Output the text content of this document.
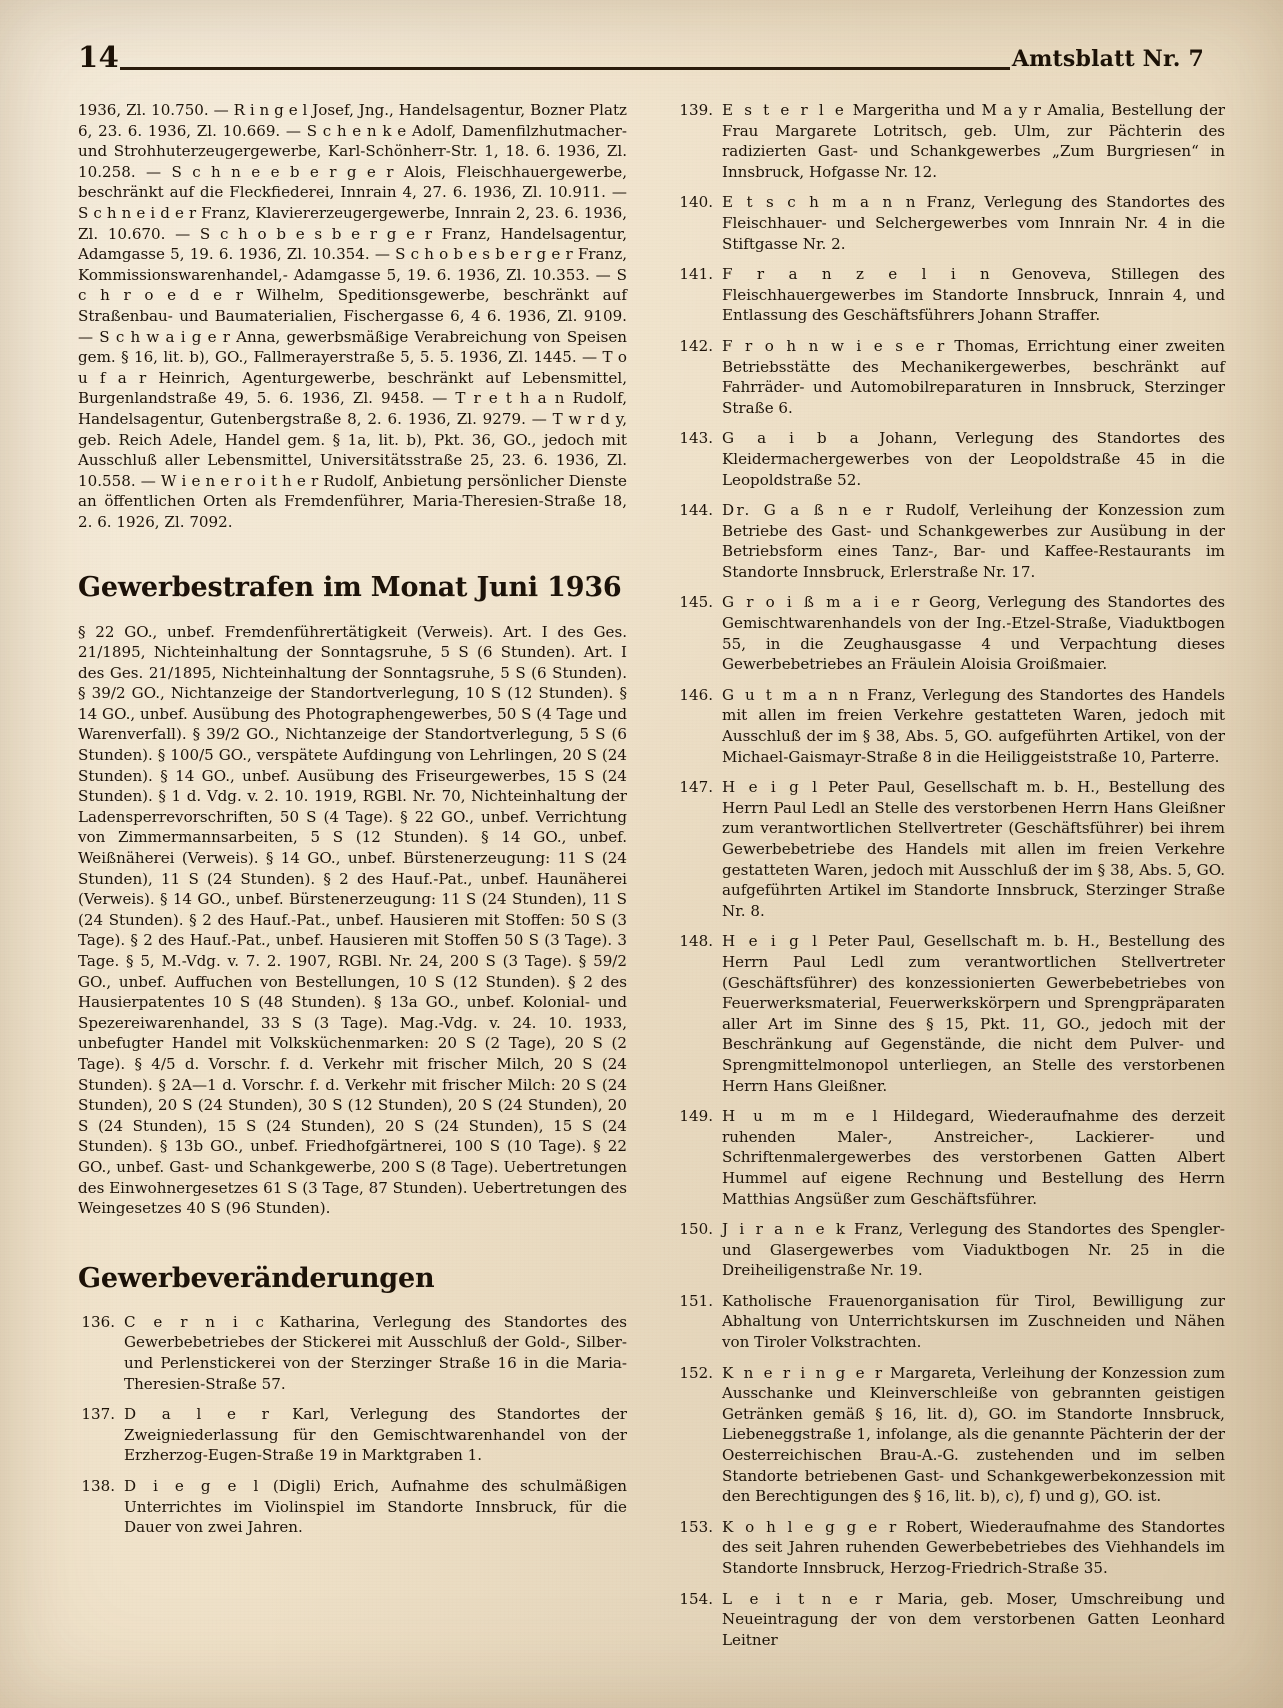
14	Amtsblatt Nr. 7

1936, Zl. 10.750. — R i n g e l Josef, Jng., Handelsagentur, Bozner Platz 6, 23. 6. 1936, Zl. 10.669. — S c h e n k e Adolf, Damenfilzhutmacher- und Strohhuterzeugergewerbe, Karl-Schönherr-Str. 1, 18. 6. 1936, Zl. 10.258. — S c h n e e b e r g e r Alois, Fleischhauergewerbe, beschränkt auf die Fleckfiederei, Innrain 4, 27. 6. 1936, Zl. 10.911. — S c h n e i d e r Franz, Klaviererzeugergewerbe, Innrain 2, 23. 6. 1936, Zl. 10.670. — S c h o b e s b e r g e r Franz, Handelsagentur, Adamgasse 5, 19. 6. 1936, Zl. 10.354. — S c h o b e s b e r g e r Franz, Kommissionswarenhandel,- Adamgasse 5, 19. 6. 1936, Zl. 10.353. — S c h r o e d e r Wilhelm, Speditionsgewerbe, beschränkt auf Straßenbau- und Baumaterialien, Fischergasse 6, 4 6. 1936, Zl. 9109. — S c h w a i g e r Anna, gewerbsmäßige Verabreichung von Speisen gem. § 16, lit. b), GO., Fallmerayerstraße 5, 5. 5. 1936, Zl. 1445. — T o u f a r Heinrich, Agenturgewerbe, beschränkt auf Lebensmittel, Burgenlandstraße 49, 5. 6. 1936, Zl. 9458. — T r e t h a n Rudolf, Handelsagentur, Gutenbergstraße 8, 2. 6. 1936, Zl. 9279. — T w r d y, geb. Reich Adele, Handel gem. § 1a, lit. b), Pkt. 36, GO., jedoch mit Ausschluß aller Lebensmittel, Universitätsstraße 25, 23. 6. 1936, Zl. 10.558. — W i e n e r o i t h e r Rudolf, Anbietung persönlicher Dienste an öffentlichen Orten als Fremdenführer, Maria-Theresien-Straße 18, 2. 6. 1926, Zl. 7092.

Gewerbestrafen im Monat Juni 1936

§ 22 GO., unbef. Fremdenführertätigkeit (Verweis). Art. I des Ges. 21/1895, Nichteinhaltung der Sonntagsruhe, 5 S (6 Stunden). Art. I des Ges. 21/1895, Nichteinhaltung der Sonntagsruhe, 5 S (6 Stunden). § 39/2 GO., Nichtanzeige der Standortverlegung, 10 S (12 Stunden). § 14 GO., unbef. Ausübung des Photographengewerbes, 50 S (4 Tage und Warenverfall). § 39/2 GO., Nichtanzeige der Standortverlegung, 5 S (6 Stunden). § 100/5 GO., verspätete Aufdingung von Lehrlingen, 20 S (24 Stunden). § 14 GO., unbef. Ausübung des Friseurgewerbes, 15 S (24 Stunden). § 1 d. Vdg. v. 2. 10. 1919, RGBl. Nr. 70, Nichteinhaltung der Ladensperrevorschriften, 50 S (4 Tage). § 22 GO., unbef. Verrichtung von Zimmermannsarbeiten, 5 S (12 Stunden). § 14 GO., unbef. Weißnäherei (Verweis). § 14 GO., unbef. Bürstenerzeugung: 11 S (24 Stunden), 11 S (24 Stunden). § 2 des Hauf.-Pat., unbef. Haunäherei (Verweis). § 14 GO., unbef. Bürstenerzeugung: 11 S (24 Stunden), 11 S (24 Stunden). § 2 des Hauf.-Pat., unbef. Hausieren mit Stoffen: 50 S (3 Tage). § 2 des Hauf.-Pat., unbef. Hausieren mit Stoffen 50 S (3 Tage). 3 Tage. § 5, M.-Vdg. v. 7. 2. 1907, RGBl. Nr. 24, 200 S (3 Tage). § 59/2 GO., unbef. Auffuchen von Bestellungen, 10 S (12 Stunden). § 2 des Hausierpatentes 10 S (48 Stunden). § 13a GO., unbef. Kolonial- und Spezereiwarenhandel, 33 S (3 Tage). Mag.-Vdg. v. 24. 10. 1933, unbefugter Handel mit Volksküchenmarken: 20 S (2 Tage), 20 S (2 Tage). § 4/5 d. Vorschr. f. d. Verkehr mit frischer Milch, 20 S (24 Stunden). § 2A—1 d. Vorschr. f. d. Verkehr mit frischer Milch: 20 S (24 Stunden), 20 S (24 Stunden), 30 S (12 Stunden), 20 S (24 Stunden), 20 S (24 Stunden), 15 S (24 Stunden), 20 S (24 Stunden), 15 S (24 Stunden). § 13b GO., unbef. Friedhofgärtnerei, 100 S (10 Tage). § 22 GO., unbef. Gast- und Schankgewerbe, 200 S (8 Tage). Uebertretungen des Einwohnergesetzes 61 S (3 Tage, 87 Stunden). Uebertretungen des Weingesetzes 40 S (96 Stunden).

Gewerbeveränderungen
136. C e r n i c Katharina, Verlegung des Standortes des Gewerbebetriebes der Stickerei mit Ausschluß der Gold-, Silber- und Perlenstickerei von der Sterzinger Straße 16 in die Maria-Theresien-Straße 57.
137. D a l e r Karl, Verlegung des Standortes der Zweigniederlassung für den Gemischtwarenhandel von der Erzherzog-Eugen-Straße 19 in Marktgraben 1.
138. D i e g e l (Digli) Erich, Aufnahme des schulmäßigen Unterrichtes im Violinspiel im Standorte Innsbruck, für die Dauer von zwei Jahren.
139. E s t e r l e Margeritha und M a y r Amalia, Bestellung der Frau Margarete Lotritsch, geb. Ulm, zur Pächterin des radizierten Gast- und Schankgewerbes „Zum Burgriesen“ in Innsbruck, Hofgasse Nr. 12.
140. E t s c h m a n n Franz, Verlegung des Standortes des Fleischhauer- und Selchergewerbes vom Innrain Nr. 4 in die Stiftgasse Nr. 2.
141. F r a n z e l i n Genoveva, Stillegen des Fleischhauergewerbes im Standorte Innsbruck, Innrain 4, und Entlassung des Geschäftsführers Johann Straffer.
142. F r o h n w i e s e r Thomas, Errichtung einer zweiten Betriebsstätte des Mechanikergewerbes, beschränkt auf Fahrräder- und Automobilreparaturen in Innsbruck, Sterzinger Straße 6.
143. G a i b a Johann, Verlegung des Standortes des Kleidermachergewerbes von der Leopoldstraße 45 in die Leopoldstraße 52.
144. Dr. G a ß n e r Rudolf, Verleihung der Konzession zum Betriebe des Gast- und Schankgewerbes zur Ausübung in der Betriebsform eines Tanz-, Bar- und Kaffee-Restaurants im Standorte Innsbruck, Erlerstraße Nr. 17.
145. G r o i ß m a i e r Georg, Verlegung des Standortes des Gemischtwarenhandels von der Ing.-Etzel-Straße, Viaduktbogen 55, in die Zeughausgasse 4 und Verpachtung dieses Gewerbebetriebes an Fräulein Aloisia Groißmaier.
146. G u t m a n n Franz, Verlegung des Standortes des Handels mit allen im freien Verkehre gestatteten Waren, jedoch mit Ausschluß der im § 38, Abs. 5, GO. aufgeführten Artikel, von der Michael-Gaismayr-Straße 8 in die Heiliggeiststraße 10, Parterre.
147. H e i g l Peter Paul, Gesellschaft m. b. H., Bestellung des Herrn Paul Ledl an Stelle des verstorbenen Herrn Hans Gleißner zum verantwortlichen Stellvertreter (Geschäftsführer) bei ihrem Gewerbebetriebe des Handels mit allen im freien Verkehre gestatteten Waren, jedoch mit Ausschluß der im § 38, Abs. 5, GO. aufgeführten Artikel im Standorte Innsbruck, Sterzinger Straße Nr. 8.
148. H e i g l Peter Paul, Gesellschaft m. b. H., Bestellung des Herrn Paul Ledl zum verantwortlichen Stellvertreter (Geschäftsführer) des konzessionierten Gewerbebetriebes von Feuerwerksmaterial, Feuerwerkskörpern und Sprengpräparaten aller Art im Sinne des § 15, Pkt. 11, GO., jedoch mit der Beschränkung auf Gegenstände, die nicht dem Pulver- und Sprengmittelmonopol unterliegen, an Stelle des verstorbenen Herrn Hans Gleißner.
149. H u m m e l Hildegard, Wiederaufnahme des derzeit ruhenden Maler-, Anstreicher-, Lackierer- und Schriftenmalergewerbes des verstorbenen Gatten Albert Hummel auf eigene Rechnung und Bestellung des Herrn Matthias Angsüßer zum Geschäftsführer.
150. J i r a n e k Franz, Verlegung des Standortes des Spengler- und Glasergewerbes vom Viaduktbogen Nr. 25 in die Dreiheiligenstraße Nr. 19.
151. Katholische Frauenorganisation für Tirol, Bewilligung zur Abhaltung von Unterrichtskursen im Zuschneiden und Nähen von Tiroler Volkstrachten.
152. K n e r i n g e r Margareta, Verleihung der Konzession zum Ausschanke und Kleinverschleiße von gebrannten geistigen Getränken gemäß § 16, lit. d), GO. im Standorte Innsbruck, Liebeneggstraße 1, infolange, als die genannte Pächterin der der Oesterreichischen Brau-A.-G. zustehenden und im selben Standorte betriebenen Gast- und Schankgewerbekonzession mit den Berechtigungen des § 16, lit. b), c), f) und g), GO. ist.
153. K o h l e g g e r Robert, Wiederaufnahme des Standortes des seit Jahren ruhenden Gewerbebetriebes des Viehhandels im Standorte Innsbruck, Herzog-Friedrich-Straße 35.
154. L e i t n e r Maria, geb. Moser, Umschreibung und Neueintragung der von dem verstorbenen Gatten Leonhard Leitner
